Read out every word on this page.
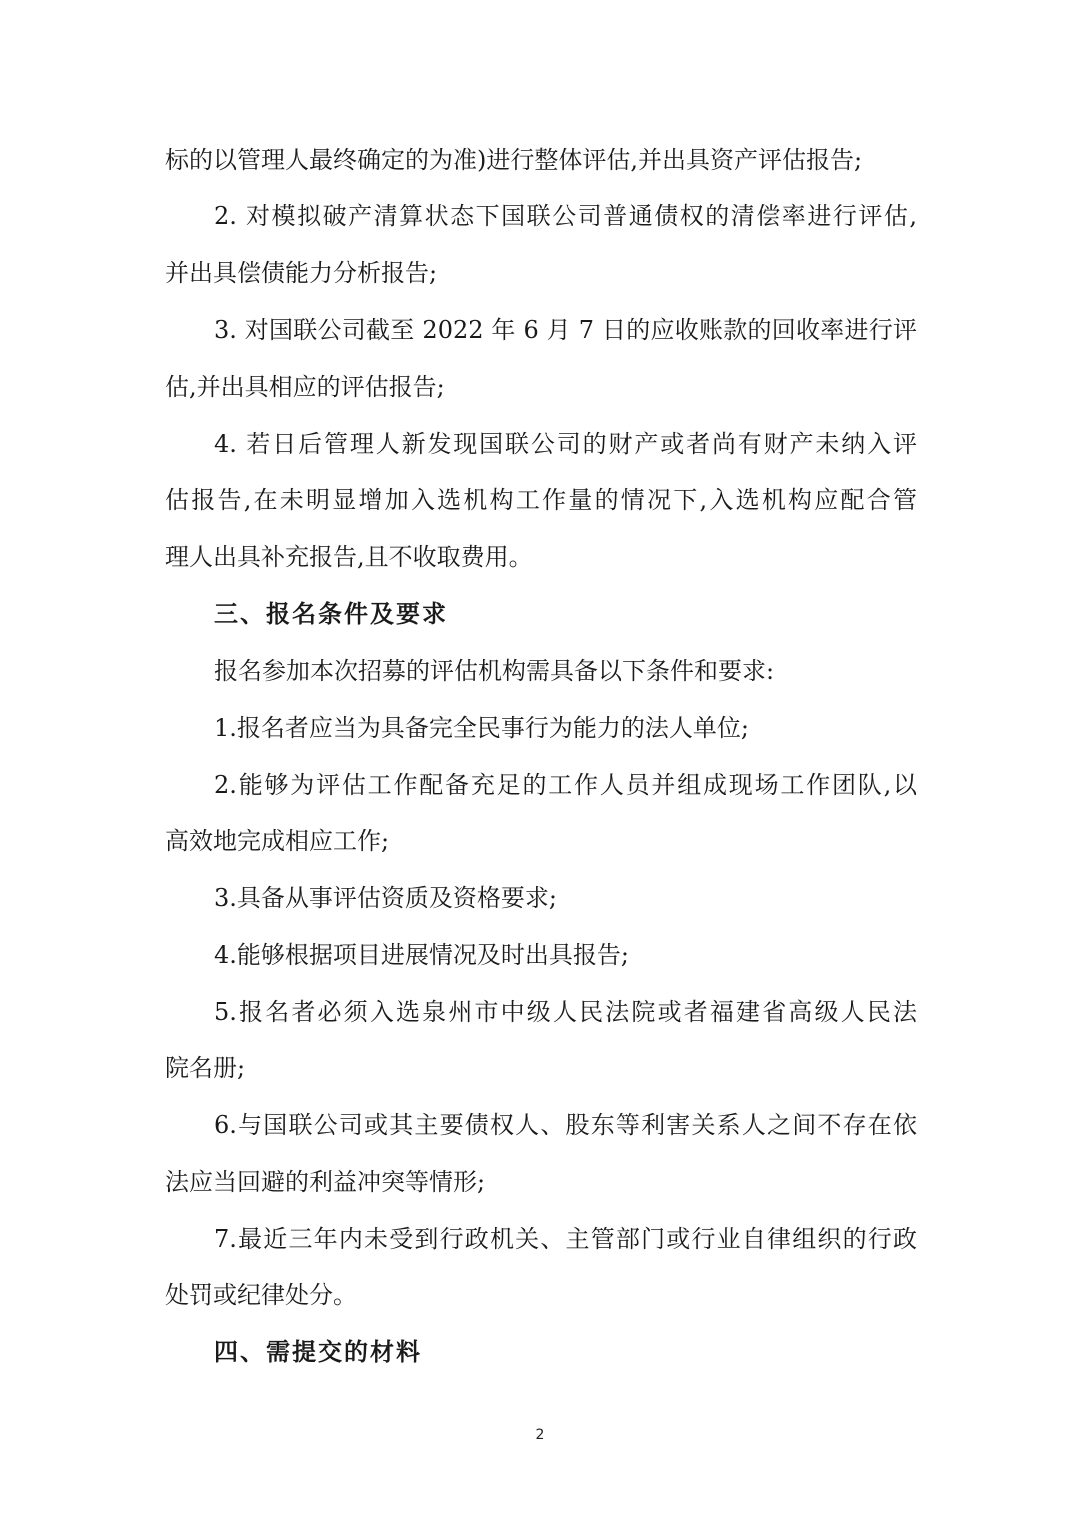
标的以管理人最终确定的为准)进行整体评估,并出具资产评估报告;
2. 对模拟破产清算状态下国联公司普通债权的清偿率进行评估,
并出具偿债能力分析报告;
3. 对国联公司截至 2022 年 6 月 7 日的应收账款的回收率进行评
估,并出具相应的评估报告;
4. 若日后管理人新发现国联公司的财产或者尚有财产未纳入评
估报告,在未明显增加入选机构工作量的情况下,入选机构应配合管
理人出具补充报告,且不收取费用。
三、报名条件及要求
报名参加本次招募的评估机构需具备以下条件和要求:
1.报名者应当为具备完全民事行为能力的法人单位;
2.能够为评估工作配备充足的工作人员并组成现场工作团队,以
高效地完成相应工作;
3.具备从事评估资质及资格要求;
4.能够根据项目进展情况及时出具报告;
5.报名者必须入选泉州市中级人民法院或者福建省高级人民法
院名册;
6.与国联公司或其主要债权人、股东等利害关系人之间不存在依
法应当回避的利益冲突等情形;
7.最近三年内未受到行政机关、主管部门或行业自律组织的行政
处罚或纪律处分。
四、需提交的材料
2
